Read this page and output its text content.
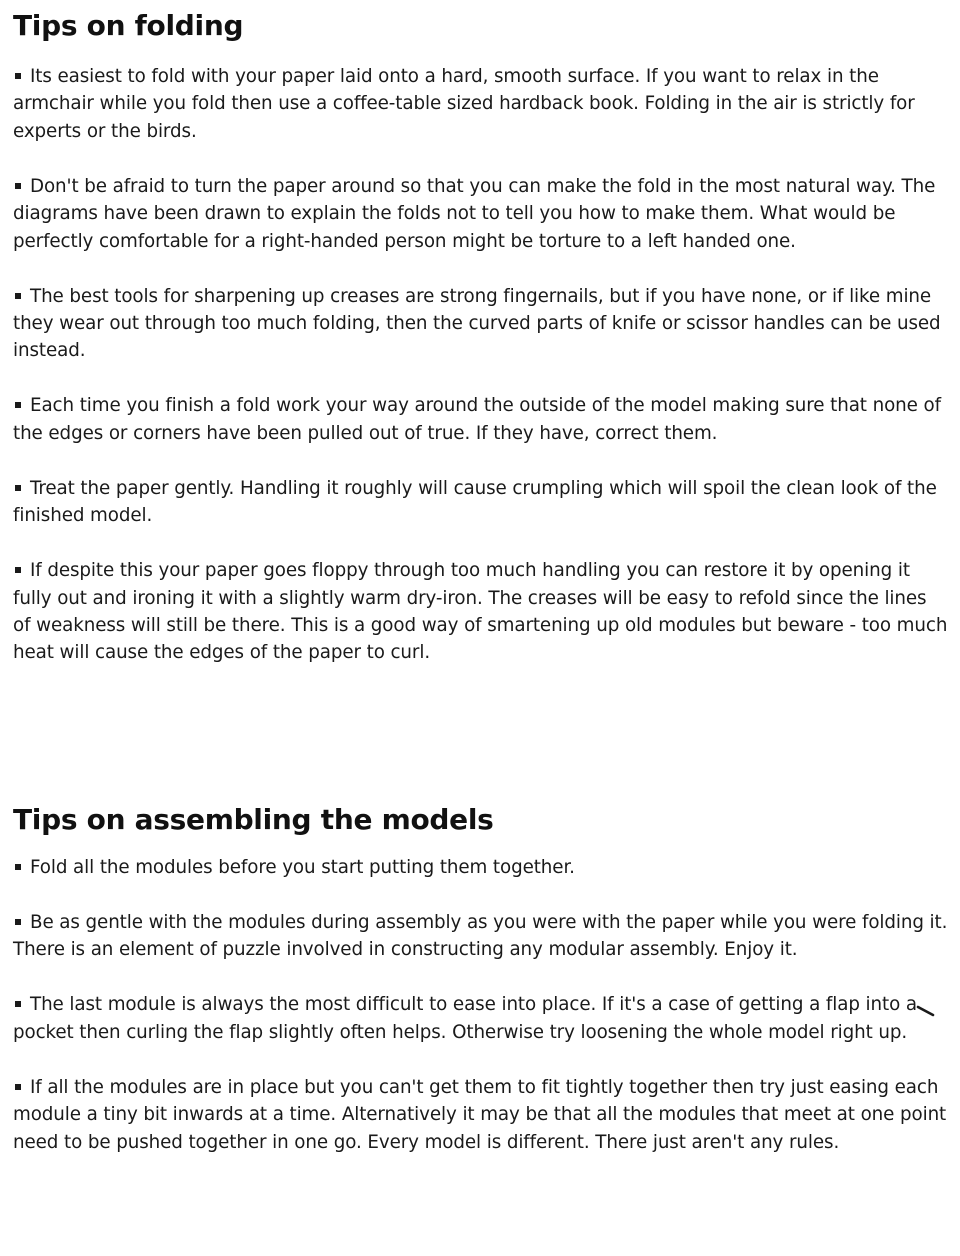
Tips on folding
Its easiest to fold with your paper laid onto a hard, smooth surface. If you want to relax in the armchair while you fold then use a coffee-table sized hardback book. Folding in the air is strictly for experts or the birds.
Don't be afraid to turn the paper around so that you can make the fold in the most natural way. The diagrams have been drawn to explain the folds not to tell you how to make them. What would be perfectly comfortable for a right-handed person might be torture to a left handed one.
The best tools for sharpening up creases are strong fingernails, but if you have none, or if like mine they wear out through too much folding, then the curved parts of knife or scissor handles can be used instead.
Each time you finish a fold work your way around the outside of the model making sure that none of the edges or corners have been pulled out of true. If they have, correct them.
Treat the paper gently. Handling it roughly will cause crumpling which will spoil the clean look of the finished model.
If despite this your paper goes floppy through too much handling you can restore it by opening it fully out and ironing it with a slightly warm dry-iron. The creases will be easy to refold since the lines of weakness will still be there. This is a good way of smartening up old modules but beware - too much heat will cause the edges of the paper to curl.
Tips on assembling the models
Fold all the modules before you start putting them together.
Be as gentle with the modules during assembly as you were with the paper while you were folding it. There is an element of puzzle involved in constructing any modular assembly. Enjoy it.
The last module is always the most difficult to ease into place. If it's a case of getting a flap into a pocket then curling the flap slightly often helps. Otherwise try loosening the whole model right up.
If all the modules are in place but you can't get them to fit tightly together then try just easing each module a tiny bit inwards at a time. Alternatively it may be that all the modules that meet at one point need to be pushed together in one go. Every model is different. There just aren't any rules.
